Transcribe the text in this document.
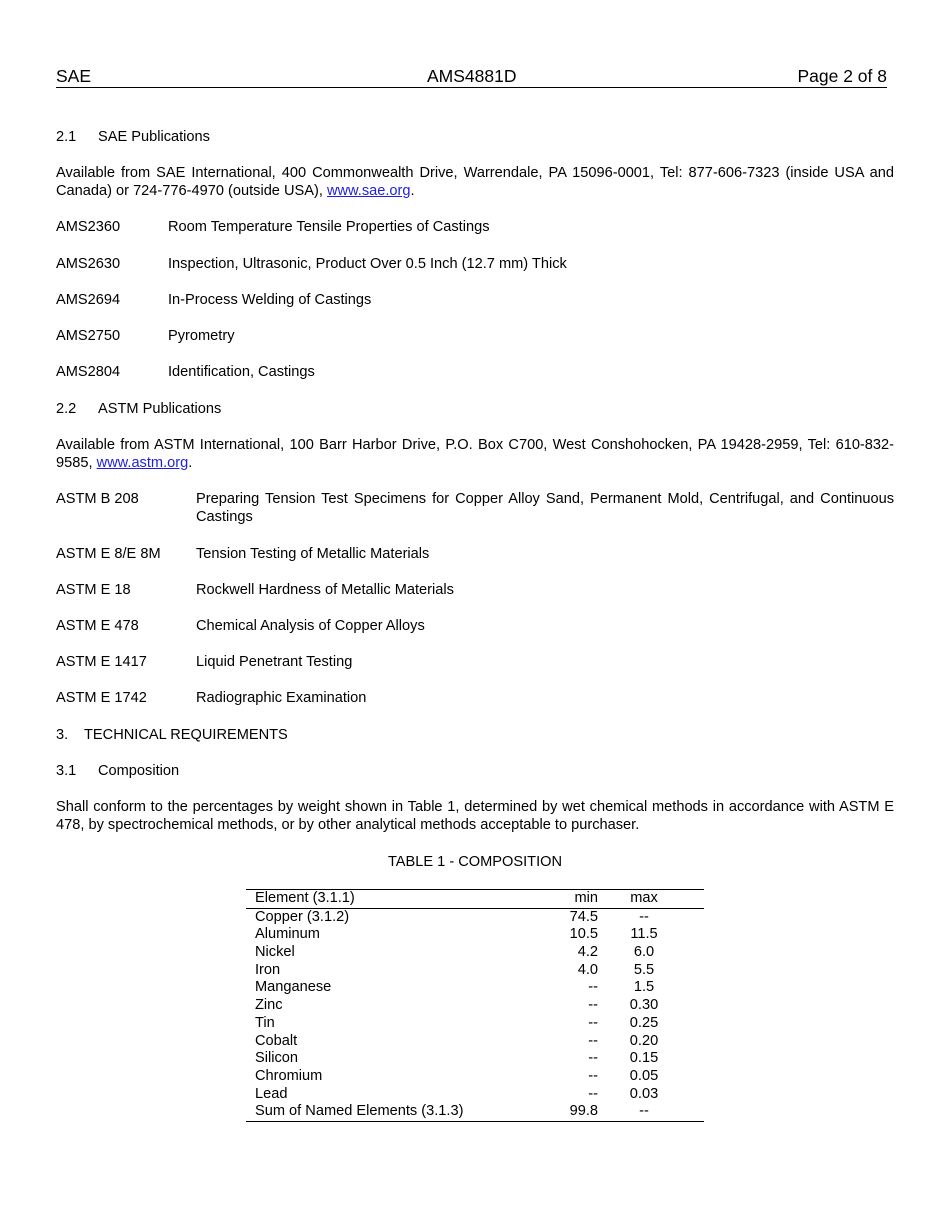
SAE	AMS4881D	Page 2 of 8
2.1 SAE Publications
Available from SAE International, 400 Commonwealth Drive, Warrendale, PA 15096-0001, Tel: 877-606-7323 (inside USA and Canada) or 724-776-4970 (outside USA), www.sae.org.
AMS2360	Room Temperature Tensile Properties of Castings
AMS2630	Inspection, Ultrasonic, Product Over 0.5 Inch (12.7 mm) Thick
AMS2694	In-Process Welding of Castings
AMS2750	Pyrometry
AMS2804	Identification, Castings
2.2 ASTM Publications
Available from ASTM International, 100 Barr Harbor Drive, P.O. Box C700, West Conshohocken, PA 19428-2959, Tel: 610-832-9585, www.astm.org.
ASTM B 208	Preparing Tension Test Specimens for Copper Alloy Sand, Permanent Mold, Centrifugal, and Continuous Castings
ASTM E 8/E 8M Tension Testing of Metallic Materials
ASTM E 18	Rockwell Hardness of Metallic Materials
ASTM E 478	Chemical Analysis of Copper Alloys
ASTM E 1417	Liquid Penetrant Testing
ASTM E 1742	Radiographic Examination
3. TECHNICAL REQUIREMENTS
3.1 Composition
Shall conform to the percentages by weight shown in Table 1, determined by wet chemical methods in accordance with ASTM E 478, by spectrochemical methods, or by other analytical methods acceptable to purchaser.
TABLE 1 - COMPOSITION
Element (3.1.1)	min	max
Copper (3.1.2)	74.5	--
Aluminum	10.5	11.5
Nickel	4.2	6.0
Iron	4.0	5.5
Manganese	--	1.5
Zinc	--	0.30
Tin	--	0.25
Cobalt	--	0.20
Silicon	--	0.15
Chromium	--	0.05
Lead	--	0.03
Sum of Named Elements (3.1.3)	99.8	--
